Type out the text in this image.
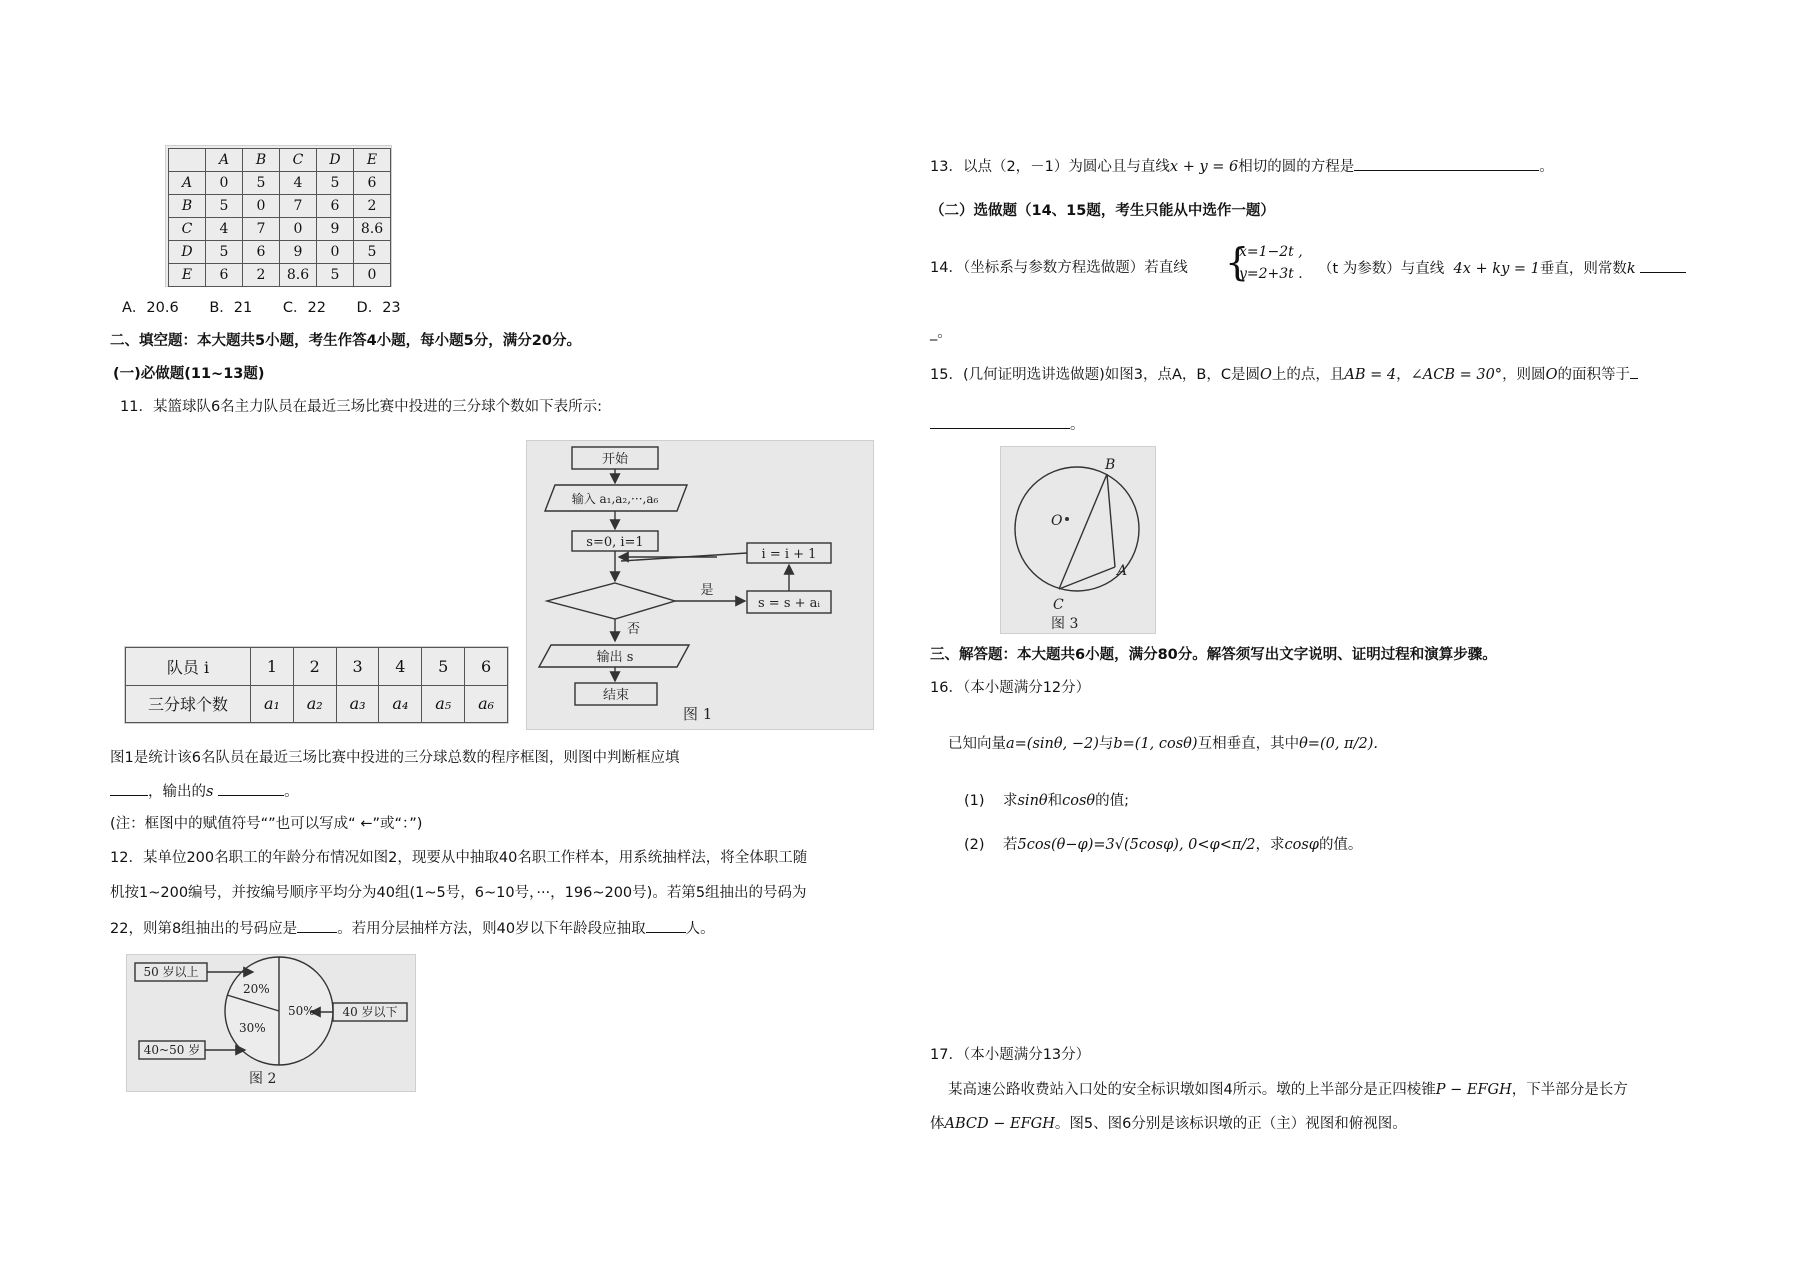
	A	B	C	D	E
A	0	5	4	5	6
B	5	0	7	6	2
C	4	7	0	9	8.6
D	5	6	9	0	5
E	6	2	8.6	5	0
A．20.6 B．21 C．22 D．23
二、填空题：本大题共5小题，考生作答4小题，每小题5分，满分20分。
(一)必做题(11~13题)
11．某篮球队6名主力队员在最近三场比赛中投进的三分球个数如下表所示:
队员 i	1	2	3	4	5	6
三分球个数	a₁	a₂	a₃	a₄	a₅	a₆
开始
输入 a₁,a₂,···,a₆
s=0, i=1
i = i + 1
是
s = s + aᵢ
否
输出 s
结束
图 1
图1是统计该6名队员在最近三场比赛中投进的三分球总数的程序框图，则图中判断框应填
，输出的s	。
(注：框图中的赋值符号“”也可以写成“ ←”或“：”)
12．某单位200名职工的年龄分布情况如图2，现要从中抽取40名职工作样本，用系统抽样法，将全体职工随
机按1~200编号，并按编号顺序平均分为40组(1~5号，6~10号，···，196~200号)。若第5组抽出的号码为
22，则第8组抽出的号码应是	。若用分层抽样方法，则40岁以下年龄段应抽取	人。
50 岁以上
40 岁以下
40~50 岁
20%
50%
30%
图 2
13．以点（2，－1）为圆心且与直线x + y = 6相切的圆的方程是	。
（二）选做题（14、15题，考生只能从中选作一题）
14．（坐标系与参数方程选做题）若直线 {
x=1−2t ,
y=2+3t . （t 为参数）与直线 4x + ky = 1垂直，则常数k
_。
15．(几何证明选讲选做题)如图3，点A，B，C是圆O上的点，且AB = 4，∠ACB = 30°，则圆O的面积等于
。
B
A
C
O
图 3
三、解答题：本大题共6小题，满分80分。解答须写出文字说明、证明过程和演算步骤。
16．（本小题满分12分）
已知向量a=(sinθ, −2)与b=(1, cosθ)互相垂直，其中θ=(0, π/2).
(1) 求sinθ和cosθ的值;
(2) 若5cos(θ−φ)=3√(5cosφ), 0<φ<π/2，求cosφ的值。
17．（本小题满分13分）
某高速公路收费站入口处的安全标识墩如图4所示。墩的上半部分是正四棱锥P − EFGH，下半部分是长方
体ABCD − EFGH。图5、图6分别是该标识墩的正（主）视图和俯视图。
